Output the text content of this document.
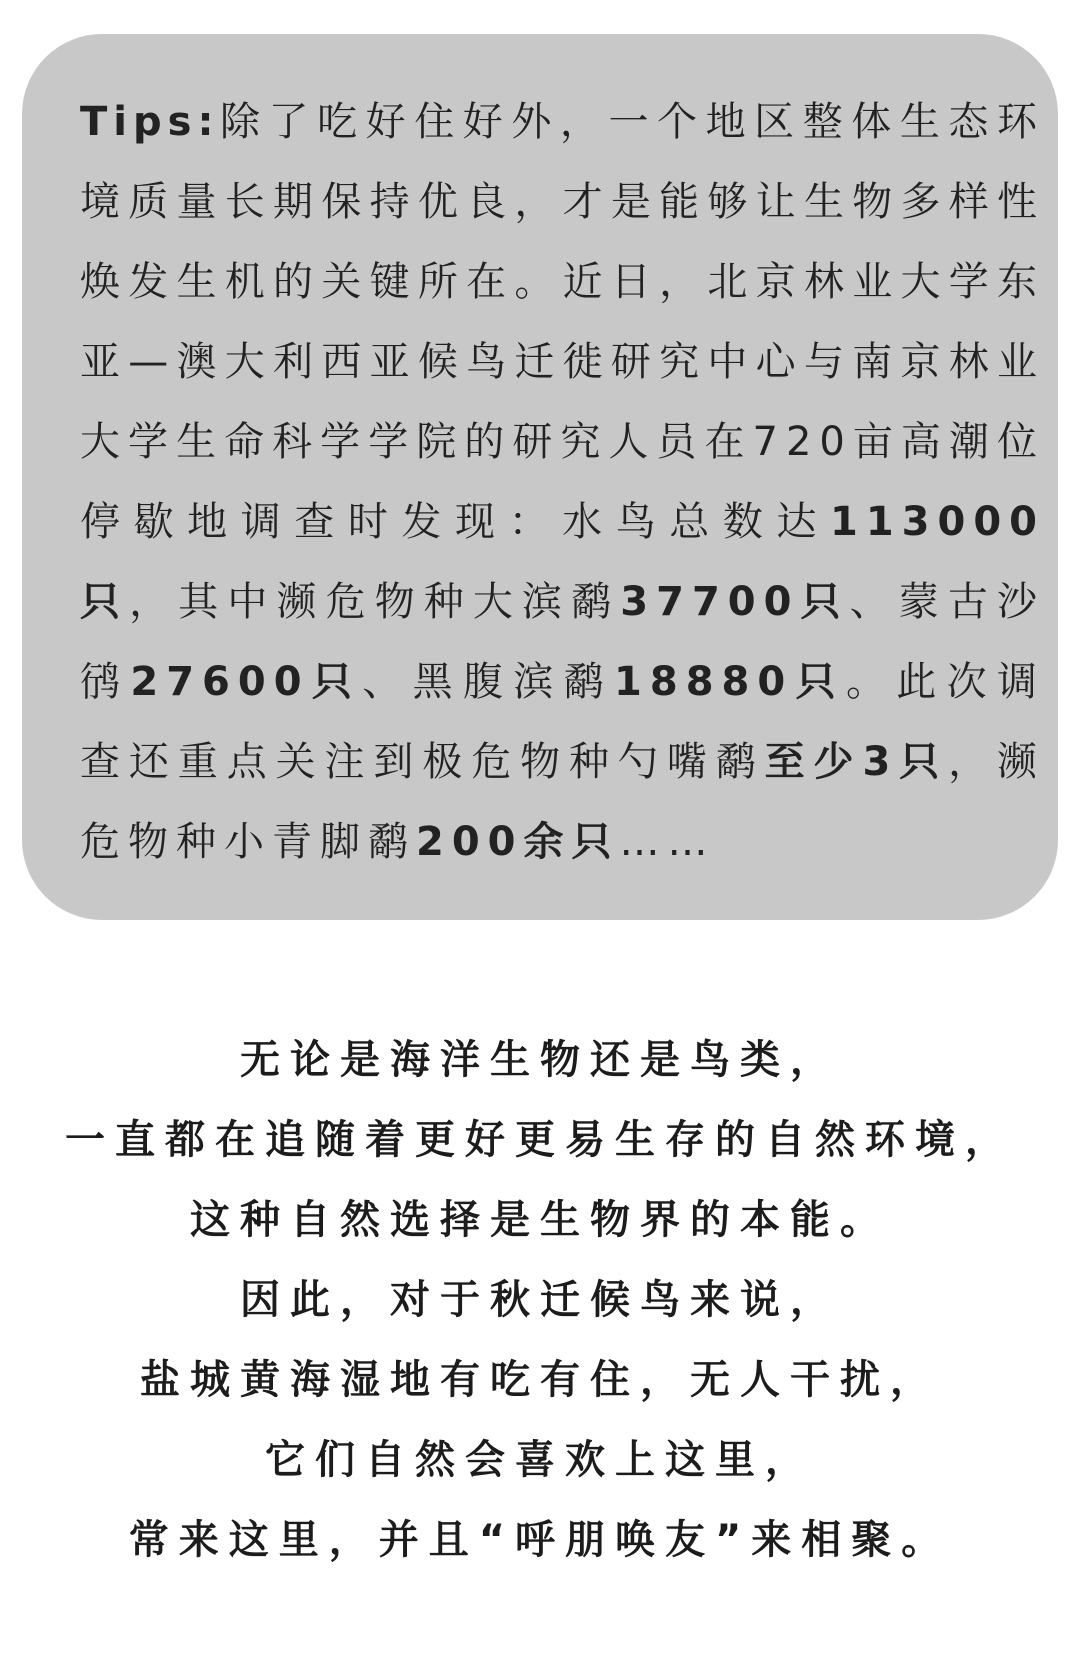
Tips:除了吃好住好外，一个地区整体生态环境质量长期保持优良，才是能够让生物多样性焕发生机的关键所在。近日，北京林业大学东亚—澳大利西亚候鸟迁徙研究中心与南京林业大学生命科学学院的研究人员在720亩高潮位停歇地调查时发现：水鸟总数达113000只，其中濒危物种大滨鹬37700只、蒙古沙鸻27600只、黑腹滨鹬18880只。此次调查还重点关注到极危物种勺嘴鹬至少3只，濒危物种小青脚鹬200余只……

无论是海洋生物还是鸟类，
一直都在追随着更好更易生存的自然环境，
这种自然选择是生物界的本能。
因此，对于秋迁候鸟来说，
盐城黄海湿地有吃有住，无人干扰，
它们自然会喜欢上这里，
常来这里，并且“呼朋唤友”来相聚。
